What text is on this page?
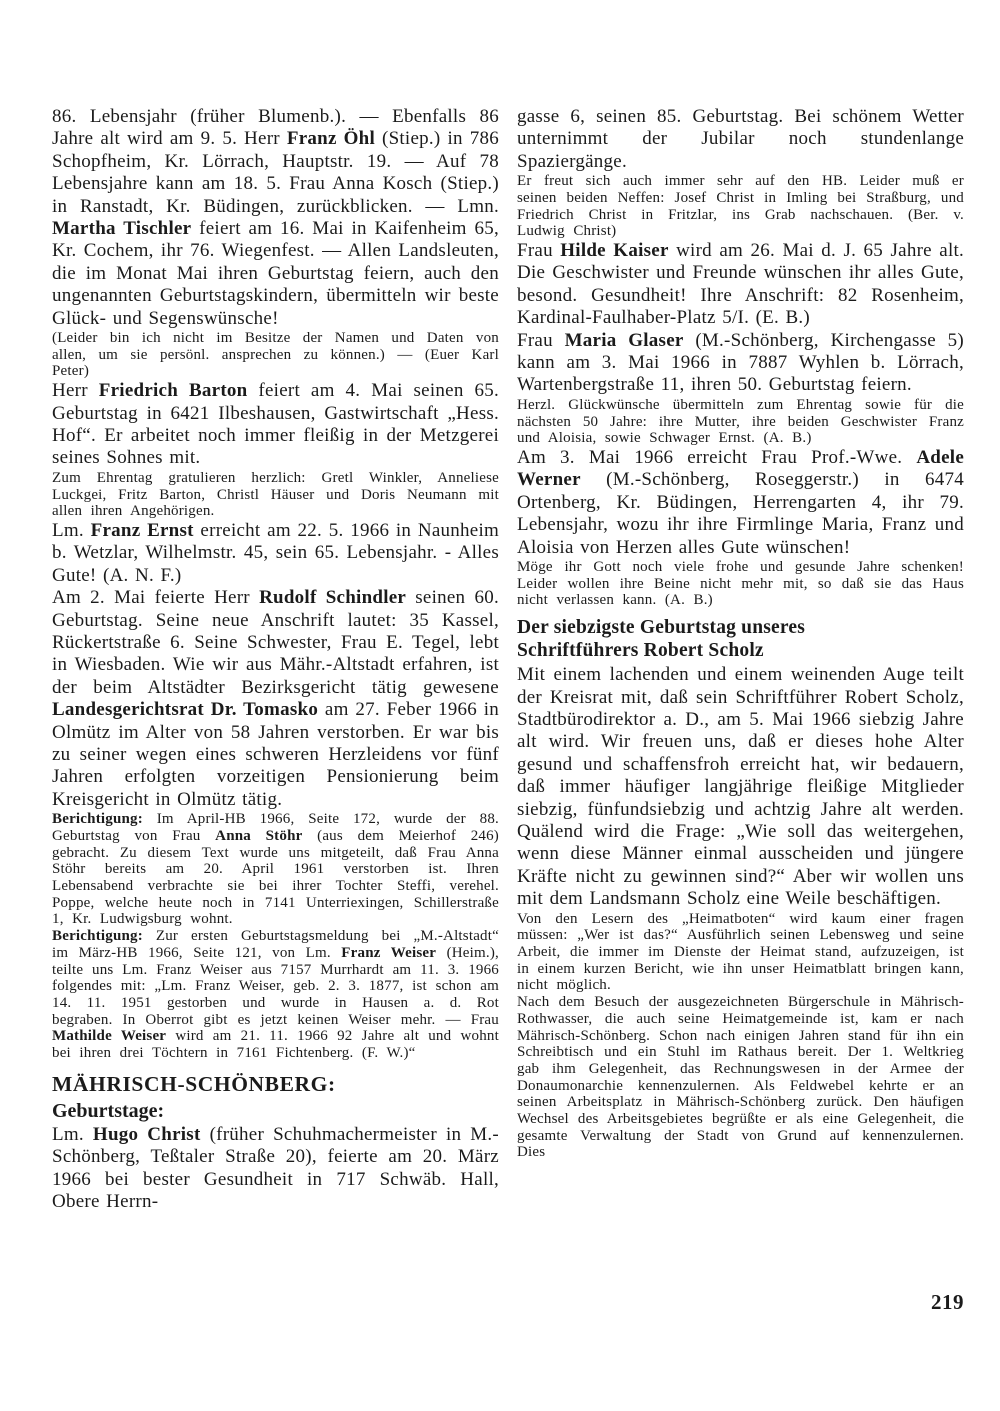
86. Lebensjahr (früher Blumenb.). — Ebenfalls 86 Jahre alt wird am 9. 5. Herr Franz Öhl (Stiep.) in 786 Schopfheim, Kr. Lörrach, Hauptstr. 19. — Auf 78 Lebensjahre kann am 18. 5. Frau Anna Kosch (Stiep.) in Ranstadt, Kr. Büdingen, zurückblicken. — Lmn. Martha Tischler feiert am 16. Mai in Kaifenheim 65, Kr. Cochem, ihr 76. Wiegenfest. — Allen Landsleuten, die im Monat Mai ihren Geburtstag feiern, auch den ungenannten Geburtstagskindern, übermitteln wir beste Glück- und Segenswünsche!

(Leider bin ich nicht im Besitze der Namen und Daten von allen, um sie persönl. ansprechen zu können.) — (Euer Karl Peter)

Herr Friedrich Barton feiert am 4. Mai seinen 65. Geburtstag in 6421 Ilbeshausen, Gastwirtschaft „Hess. Hof“. Er arbeitet noch immer fleißig in der Metzgerei seines Sohnes mit.

Zum Ehrentag gratulieren herzlich: Gretl Winkler, Anneliese Luckgei, Fritz Barton, Christl Häuser und Doris Neumann mit allen ihren Angehörigen.

Lm. Franz Ernst erreicht am 22. 5. 1966 in Naunheim b. Wetzlar, Wilhelmstr. 45, sein 65. Lebensjahr. - Alles Gute! (A. N. F.)

Am 2. Mai feierte Herr Rudolf Schindler seinen 60. Geburtstag. Seine neue Anschrift lautet: 35 Kassel, Rückertstraße 6. Seine Schwester, Frau E. Tegel, lebt in Wiesbaden. Wie wir aus Mähr.-Altstadt erfahren, ist der beim Altstädter Bezirksgericht tätig gewesene Landesgerichtsrat Dr. Tomasko am 27. Feber 1966 in Olmütz im Alter von 58 Jahren verstorben. Er war bis zu seiner wegen eines schweren Herzleidens vor fünf Jahren erfolgten vorzeitigen Pensionierung beim Kreisgericht in Olmütz tätig.

Berichtigung: Im April-HB 1966, Seite 172, wurde der 88. Geburtstag von Frau Anna Stöhr (aus dem Meierhof 246) gebracht. Zu diesem Text wurde uns mitgeteilt, daß Frau Anna Stöhr bereits am 20. April 1961 verstorben ist. Ihren Lebensabend verbrachte sie bei ihrer Tochter Steffi, verehel. Poppe, welche heute noch in 7141 Unterriexingen, Schillerstraße 1, Kr. Ludwigsburg wohnt.

Berichtigung: Zur ersten Geburtstagsmeldung bei „M.-Altstadt“ im März-HB 1966, Seite 121, von Lm. Franz Weiser (Heim.), teilte uns Lm. Franz Weiser aus 7157 Murrhardt am 11. 3. 1966 folgendes mit: „Lm. Franz Weiser, geb. 2. 3. 1877, ist schon am 14. 11. 1951 gestorben und wurde in Hausen a. d. Rot begraben. In Oberrot gibt es jetzt keinen Weiser mehr. — Frau Mathilde Weiser wird am 21. 11. 1966 92 Jahre alt und wohnt bei ihren drei Töchtern in 7161 Fichtenberg. (F. W.)“

MÄHRISCH-SCHÖNBERG:
Geburtstage:

Lm. Hugo Christ (früher Schuhmachermeister in M.-Schönberg, Teßtaler Straße 20), feierte am 20. März 1966 bei bester Gesundheit in 717 Schwäb. Hall, Obere Herrn-

gasse 6, seinen 85. Geburtstag. Bei schönem Wetter unternimmt der Jubilar noch stundenlange Spaziergänge.

Er freut sich auch immer sehr auf den HB. Leider muß er seinen beiden Neffen: Josef Christ in Imling bei Straßburg, und Friedrich Christ in Fritzlar, ins Grab nachschauen. (Ber. v. Ludwig Christ)

Frau Hilde Kaiser wird am 26. Mai d. J. 65 Jahre alt. Die Geschwister und Freunde wünschen ihr alles Gute, besond. Gesundheit! Ihre Anschrift: 82 Rosenheim, Kardinal-Faulhaber-Platz 5/I. (E. B.)

Frau Maria Glaser (M.-Schönberg, Kirchengasse 5) kann am 3. Mai 1966 in 7887 Wyhlen b. Lörrach, Wartenbergstraße 11, ihren 50. Geburtstag feiern.

Herzl. Glückwünsche übermitteln zum Ehrentag sowie für die nächsten 50 Jahre: ihre Mutter, ihre beiden Geschwister Franz und Aloisia, sowie Schwager Ernst. (A. B.)

Am 3. Mai 1966 erreicht Frau Prof.-Wwe. Adele Werner (M.-Schönberg, Roseggerstr.) in 6474 Ortenberg, Kr. Büdingen, Herrengarten 4, ihr 79. Lebensjahr, wozu ihr ihre Firmlinge Maria, Franz und Aloisia von Herzen alles Gute wünschen!

Möge ihr Gott noch viele frohe und gesunde Jahre schenken! Leider wollen ihre Beine nicht mehr mit, so daß sie das Haus nicht verlassen kann. (A. B.)

Der siebzigste Geburtstag unseres

Schriftführers Robert Scholz

Mit einem lachenden und einem weinenden Auge teilt der Kreisrat mit, daß sein Schriftführer Robert Scholz, Stadtbürodirektor a. D., am 5. Mai 1966 siebzig Jahre alt wird. Wir freuen uns, daß er dieses hohe Alter gesund und schaffensfroh erreicht hat, wir bedauern, daß immer häufiger langjährige fleißige Mitglieder siebzig, fünfundsiebzig und achtzig Jahre alt werden. Quälend wird die Frage: „Wie soll das weitergehen, wenn diese Männer einmal ausscheiden und jüngere Kräfte nicht zu gewinnen sind?“ Aber wir wollen uns mit dem Landsmann Scholz eine Weile beschäftigen.

Von den Lesern des „Heimatboten“ wird kaum einer fragen müssen: „Wer ist das?“ Ausführlich seinen Lebensweg und seine Arbeit, die immer im Dienste der Heimat stand, aufzuzeigen, ist in einem kurzen Bericht, wie ihn unser Heimatblatt bringen kann, nicht möglich.

Nach dem Besuch der ausgezeichneten Bürgerschule in Mährisch-Rothwasser, die auch seine Heimatgemeinde ist, kam er nach Mährisch-Schönberg. Schon nach einigen Jahren stand für ihn ein Schreibtisch und ein Stuhl im Rathaus bereit. Der 1. Weltkrieg gab ihm Gelegenheit, das Rechnungswesen in der Armee der Donaumonarchie kennenzulernen. Als Feldwebel kehrte er an seinen Arbeitsplatz in Mährisch-Schönberg zurück. Den häufigen Wechsel des Arbeitsgebietes begrüßte er als eine Gelegenheit, die gesamte Verwaltung der Stadt von Grund auf kennenzulernen. Dies

219
